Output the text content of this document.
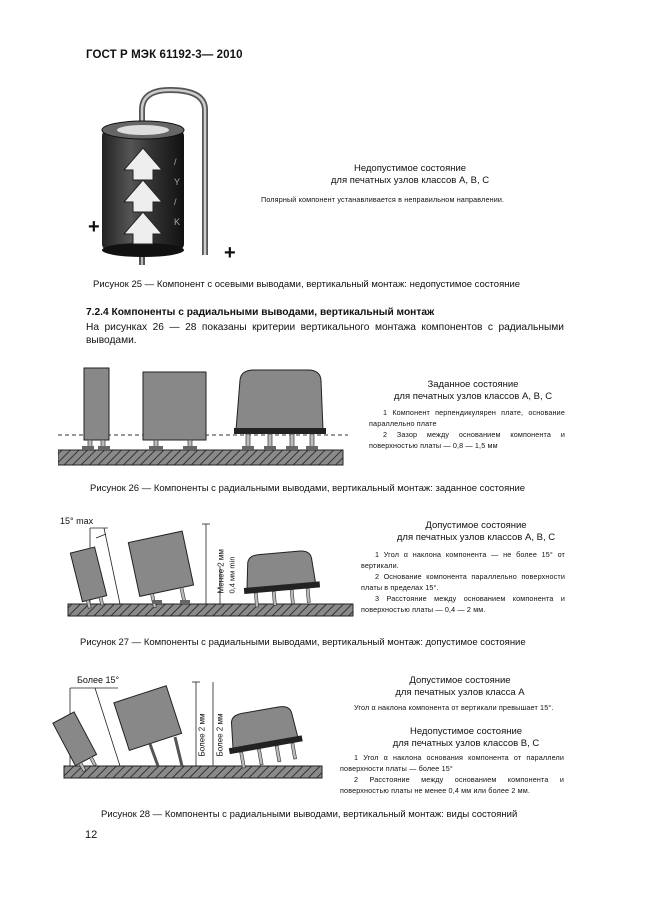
ГОСТ Р МЭК 61192-3— 2010
/
Y
/
K
+
+
Недопустимое состояние
для печатных узлов классов А, В, С
Полярный компонент устанавливается в неправильном направлении.
Рисунок 25 — Компонент с осевыми выводами, вертикальный монтаж: недопустимое состояние
7.2.4 Компоненты с радиальными выводами, вертикальный монтаж
На рисунках 26 — 28 показаны критерии вертикального монтажа компонентов с радиальными выводами.
Заданное состояние
для печатных узлов классов А, В, С
1 Компонент перпендикулярен плате, основание параллельно плате
2 Зазор между основанием компонента и поверхностью платы — 0,8 — 1,5 мм
Рисунок 26 — Компоненты с радиальными выводами, вертикальный монтаж: заданное состояние
15° max
Менее 2 мм 0,4 мм min
Допустимое состояние
для печатных узлов классов А, В, С
1 Угол α наклона компонента — не более 15° от вертикали.
2 Основание компонента параллельно поверхности платы в пределах 15°.
3 Расстояние между основанием компонента и поверхностью платы — 0,4 — 2 мм.
Рисунок 27 — Компоненты с радиальными выводами, вертикальный монтаж: допустимое состояние
Более 15°
Более 2 мм Более 2 мм
Допустимое состояние
для печатных узлов класса А
Угол α наклона компонента от вертикали превышает 15°.
Недопустимое состояние
для печатных узлов классов В, С
1 Угол α наклона основания компонента от параллели поверхности платы — более 15°
2 Расстояние между основанием компонента и поверхностью платы не менее 0,4 мм или более 2 мм.
Рисунок 28 — Компоненты с радиальными выводами, вертикальный монтаж: виды состояний
12
